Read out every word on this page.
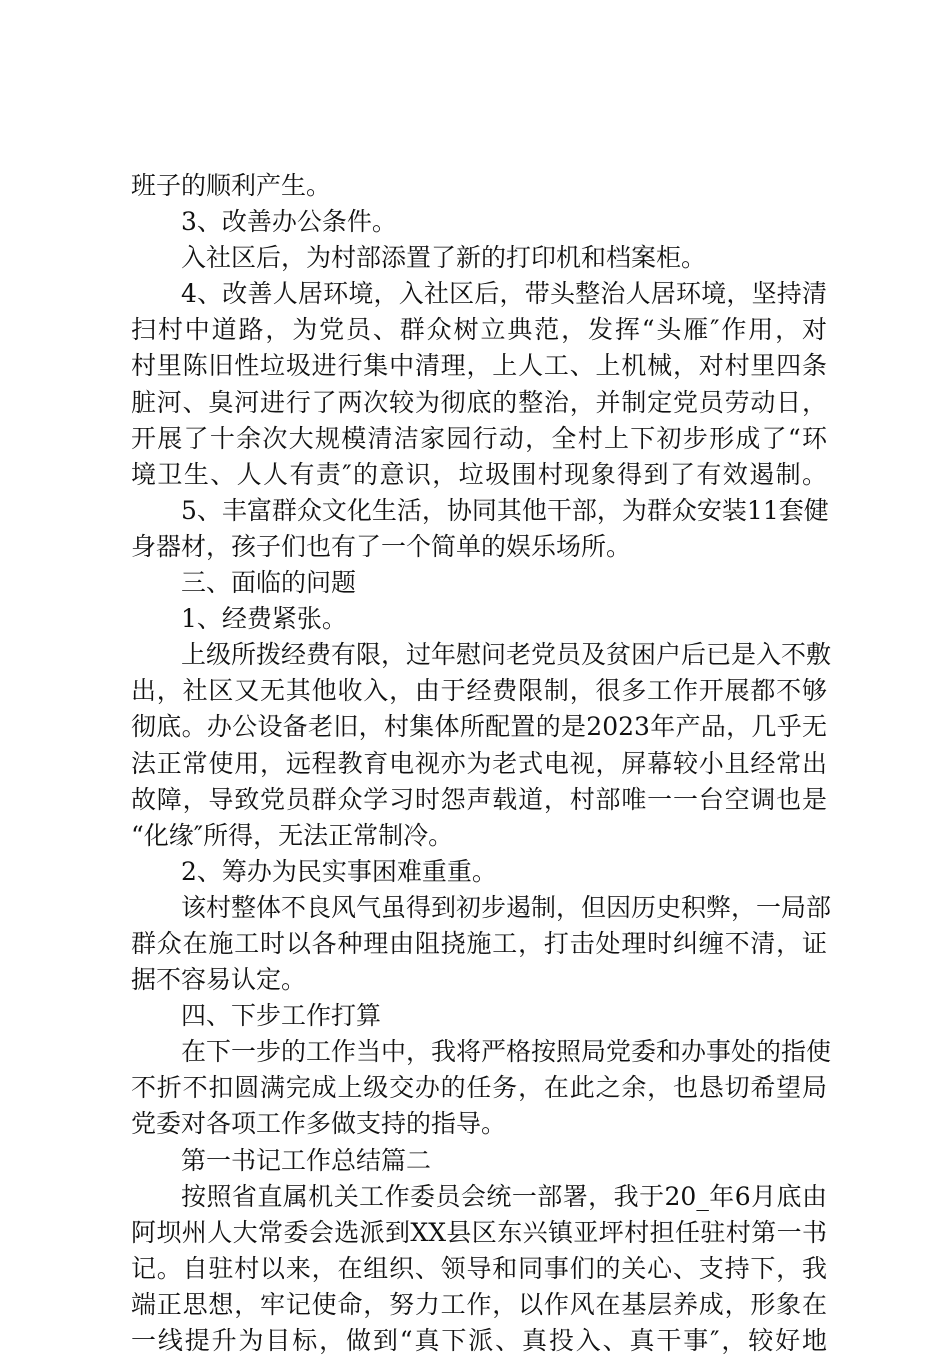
班子的顺利产生。
3、改善办公条件。
入社区后，为村部添置了新的打印机和档案柜。
4、改善人居环境，入社区后，带头整治人居环境，坚持清
扫村中道路，为党员、群众树立典范，发挥“头雁″作用，对
村里陈旧性垃圾进行集中清理，上人工、上机械，对村里四条
脏河、臭河进行了两次较为彻底的整治，并制定党员劳动日，
开展了十余次大规模清洁家园行动，全村上下初步形成了“环
境卫生、人人有责″的意识，垃圾围村现象得到了有效遏制。
5、丰富群众文化生活，协同其他干部，为群众安装11套健
身器材，孩子们也有了一个简单的娱乐场所。
三、面临的问题
1、经费紧张。
上级所拨经费有限，过年慰问老党员及贫困户后已是入不敷
出，社区又无其他收入，由于经费限制，很多工作开展都不够
彻底。办公设备老旧，村集体所配置的是2023年产品，几乎无
法正常使用，远程教育电视亦为老式电视，屏幕较小且经常出
故障，导致党员群众学习时怨声载道，村部唯一一台空调也是
“化缘″所得，无法正常制冷。
2、筹办为民实事困难重重。
该村整体不良风气虽得到初步遏制，但因历史积弊，一局部
群众在施工时以各种理由阻挠施工，打击处理时纠缠不清，证
据不容易认定。
四、下步工作打算
在下一步的工作当中，我将严格按照局党委和办事处的指使
不折不扣圆满完成上级交办的任务，在此之余，也恳切希望局
党委对各项工作多做支持的指导。
第一书记工作总结篇二
按照省直属机关工作委员会统一部署，我于20_年6月底由
阿坝州人大常委会选派到XX县区东兴镇亚坪村担任驻村第一书
记。自驻村以来，在组织、领导和同事们的关心、支持下，我
端正思想，牢记使命，努力工作，以作风在基层养成，形象在
一线提升为目标，做到“真下派、真投入、真干事″，较好地
